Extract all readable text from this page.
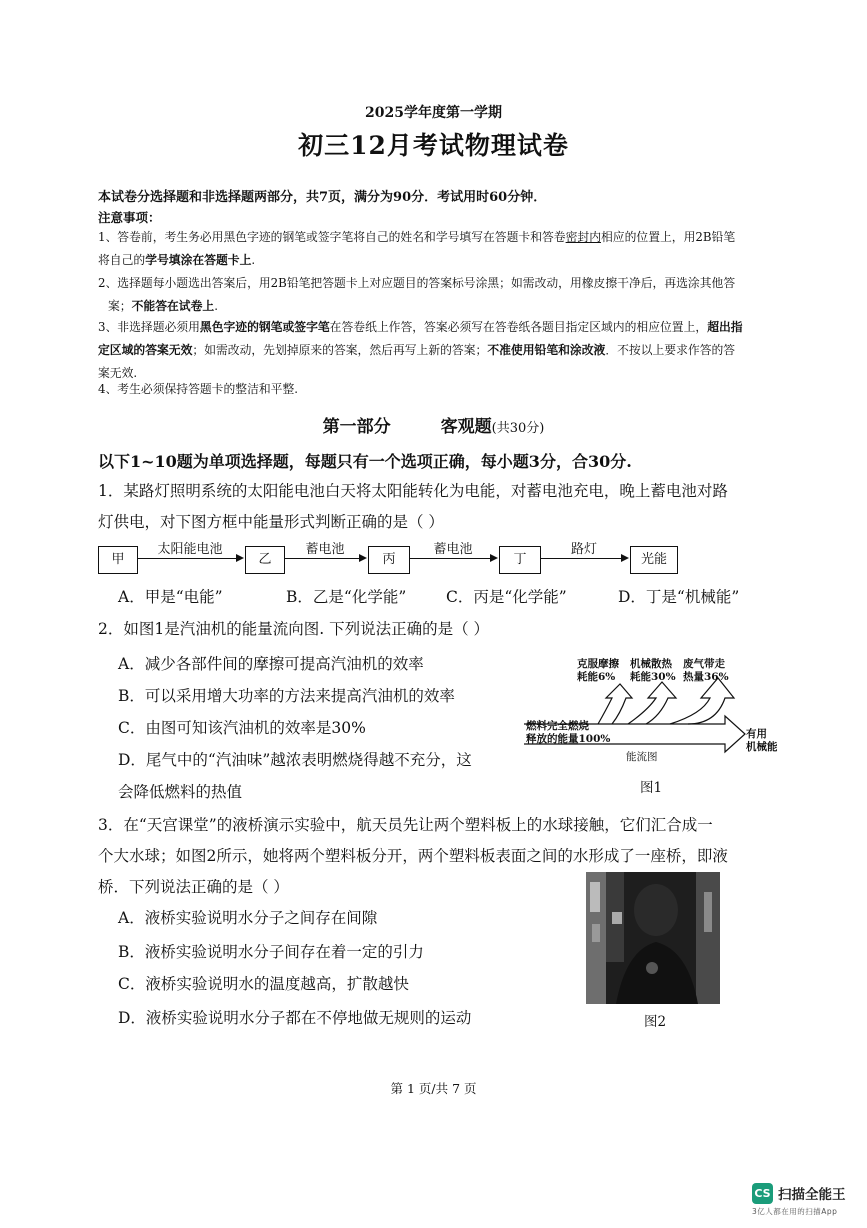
2025学年度第一学期
初三12月考试物理试卷
本试卷分选择题和非选择题两部分，共7页，满分为90分．考试用时60分钟．
注意事项：
1、答卷前，考生务必用黑色字迹的钢笔或签字笔将自己的姓名和学号填写在答题卡和答卷密封内相应的位置上，用2B铅笔
将自己的学号填涂在答题卡上.
2、选择题每小题选出答案后，用2B铅笔把答题卡上对应题目的答案标号涂黑；如需改动，用橡皮擦干净后，再选涂其他答
案；不能答在试卷上.
3、非选择题必须用黑色字迹的钢笔或签字笔在答卷纸上作答，答案必须写在答卷纸各题目指定区域内的相应位置上，超出指
定区域的答案无效；如需改动，先划掉原来的答案，然后再写上新的答案；不准使用铅笔和涂改液．不按以上要求作答的答
案无效.
4、考生必须保持答题卡的整洁和平整.
第一部分	客观题(共30分)
以下1~10题为单项选择题，每题只有一个选项正确，每小题3分，合30分.
1．某路灯照明系统的太阳能电池白天将太阳能转化为电能，对蓄电池充电，晚上蓄电池对路
灯供电，对下图方框中能量形式判断正确的是（ ）
甲
太阳能电池
乙
蓄电池
丙
蓄电池
丁
路灯
光能
A．甲是“电能”	B．乙是“化学能”	C．丙是“化学能”	D．丁是“机械能”
2．如图1是汽油机的能量流向图. 下列说法正确的是（ ）
A．减少各部件间的摩擦可提高汽油机的效率
B．可以采用增大功率的方法来提高汽油机的效率
C．由图可知该汽油机的效率是30%
D．尾气中的“汽油味”越浓表明燃烧得越不充分，这
会降低燃料的热值
克服摩擦
耗能6%
机械散热
耗能30%
废气带走
热量36%
燃料完全燃烧
释放的能量100%	有用
机械能
能流图
图1
3．在“天宫课堂”的液桥演示实验中，航天员先让两个塑料板上的水球接触，它们汇合成一
个大水球；如图2所示，她将两个塑料板分开，两个塑料板表面之间的水形成了一座桥，即液
桥．下列说法正确的是（ ）
A．液桥实验说明水分子之间存在间隙
B．液桥实验说明水分子间存在着一定的引力
C．液桥实验说明水的温度越高，扩散越快
D．液桥实验说明水分子都在不停地做无规则的运动	图2
第 1 页/共 7 页
CS 扫描全能王
3亿人都在用的扫描App
